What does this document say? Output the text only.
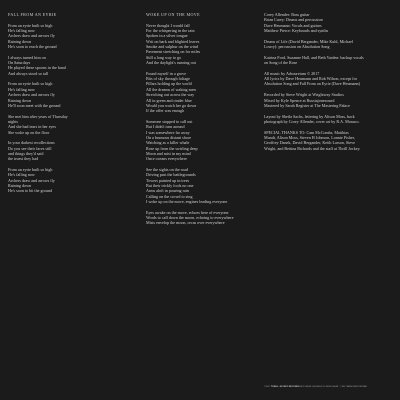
FALL FROM AN EYRIE
From an eyrie built so high
He's falling now
Archers draw and arrows fly
Raining down
He's soon to reach the ground
I always turned him on
On Saturdays
He played these spoons in the band
And always stood so tall
From an eyrie built so high
He's falling now
Archers draw and arrows fly
Raining down
He'll soon meet with the ground
She met him after years of Thursday
nights
And she had tears in her eyes
She woke up on the floor
In your darkest recollections
Do you see their faces still
and things they'd said
the truest they had
From an eyrie built so high
He's falling now
Archers draw and arrows fly
Raining down
He's soon to hit the ground
WOKE UP ON THE MOVE
Never thought I would fall
For the whispering in the rain
Spoken in a silver tongue
Writ on bark and blighted leaves
Smoke and sulphur on the wind
Pavement stretching on for miles
Still a long way to go
And the daylight's running out
Found myself in a grove
Bits of sky through foliage
Pillars holding up the world
All the dreams of waking men
Stretching out across the way
All in green and cinder blue
Would you watch her go down
If the offer was enough
Someone stopped to call out
But I didn't turn around
I was somewhere far away
On a brumous distant shore
Watching as a killer whale
Rose up from the swirling deep
Moon and mist in my mind
Once oceans everywhere
See the sights on the road
Driving past the battlegrounds
Towers painted up in trees
But their trickly fools no one
Arms aloft in pouring rain
Calling on the crowd to sing
I woke up on the move, engines leading everyone
Eyes awake on the move, echoes here of everyone
Words to call down the moon, echoing to everywhere
Mists envelop the moon, orcas over everywhere
Corey Allender: Bass guitar
Brian Carey: Drums and percussion
Dave Heumann: Vocals and guitars
Matthew Pierce: Keyboards and synths
Drums of Life (David Bergander, Mike Kuhl, Michael
Lowry): percussion on Absolution Song
Katrina Ford, Suzanne Hall, and Beth Varden: backup vocals
on Song of the Rose
All music by Arbouretum © 2017
All lyrics by Dave Heumann and Rob Wilson, except for
Absolution Song and Fall From an Eyrie (Dave Heumann)
Recorded by Steve Wright at Wrightway Studios
Mixed by Kyle Spence at Russiajonesound
Mastered by Sarah Register at The Mastering Palace
Layout by Sheila Sachs, lettering by Alison Moss, back
photograph by Corey Allender, cover art by R.A. Monaco.
SPECIAL THANKS TO: Cam McCombs, Matthias
Mundt, Alison Moss, Steven H Johnson, Lonnie Fisher,
Geoffrey Danek, David Bergander, Keith Larson, Steve
Wright, and Bettina Richards and the staff at Thrill Jockey.
©2017 THRILL JOCKEY RECORDS BOX 08038 CHICAGO ILLINOIS 60608 · ©2017 ARBOURETUM BMI
